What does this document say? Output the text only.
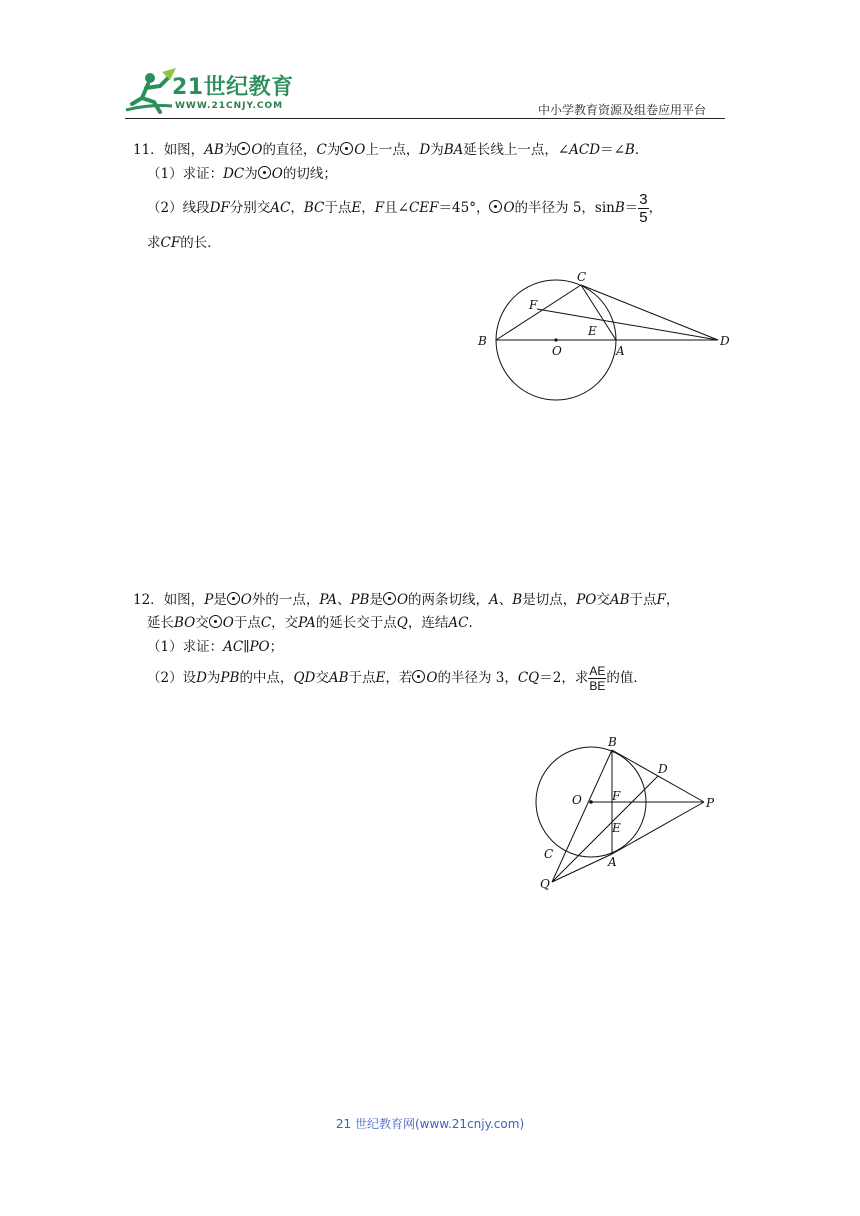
21世纪教育
WWW.21CNJY.COM	中小学教育资源及组卷应用平台
11．如图，AB为 O的直径，C为 O上一点，D为BA延长线上一点，∠ACD＝∠B．
（1）求证：DC为 O的切线；
（2）线段DF分别交AC，BC于点E，F且∠CEF＝45°， O的半径为 5，$\sin B= \frac{3}{5}$ ，
求CF的长．
C
F
E
B
O	A
D
12．如图，P是 O外的一点，PA、PB是 O的两条切线，A、B是切点，PO交AB于点F，
延长BO交 O于点C，交PA的延长交于点Q，连结AC．
（1）求证：AC∥PO；
（2）设D为PB的中点，QD交AB于点E，若 O的半径为 3，CQ＝2，求 $\frac{AE}{BE}$ 的值．
B
D
O	F	P
E
C
A
Q
21 世纪教育网(www.21cnjy.com)
